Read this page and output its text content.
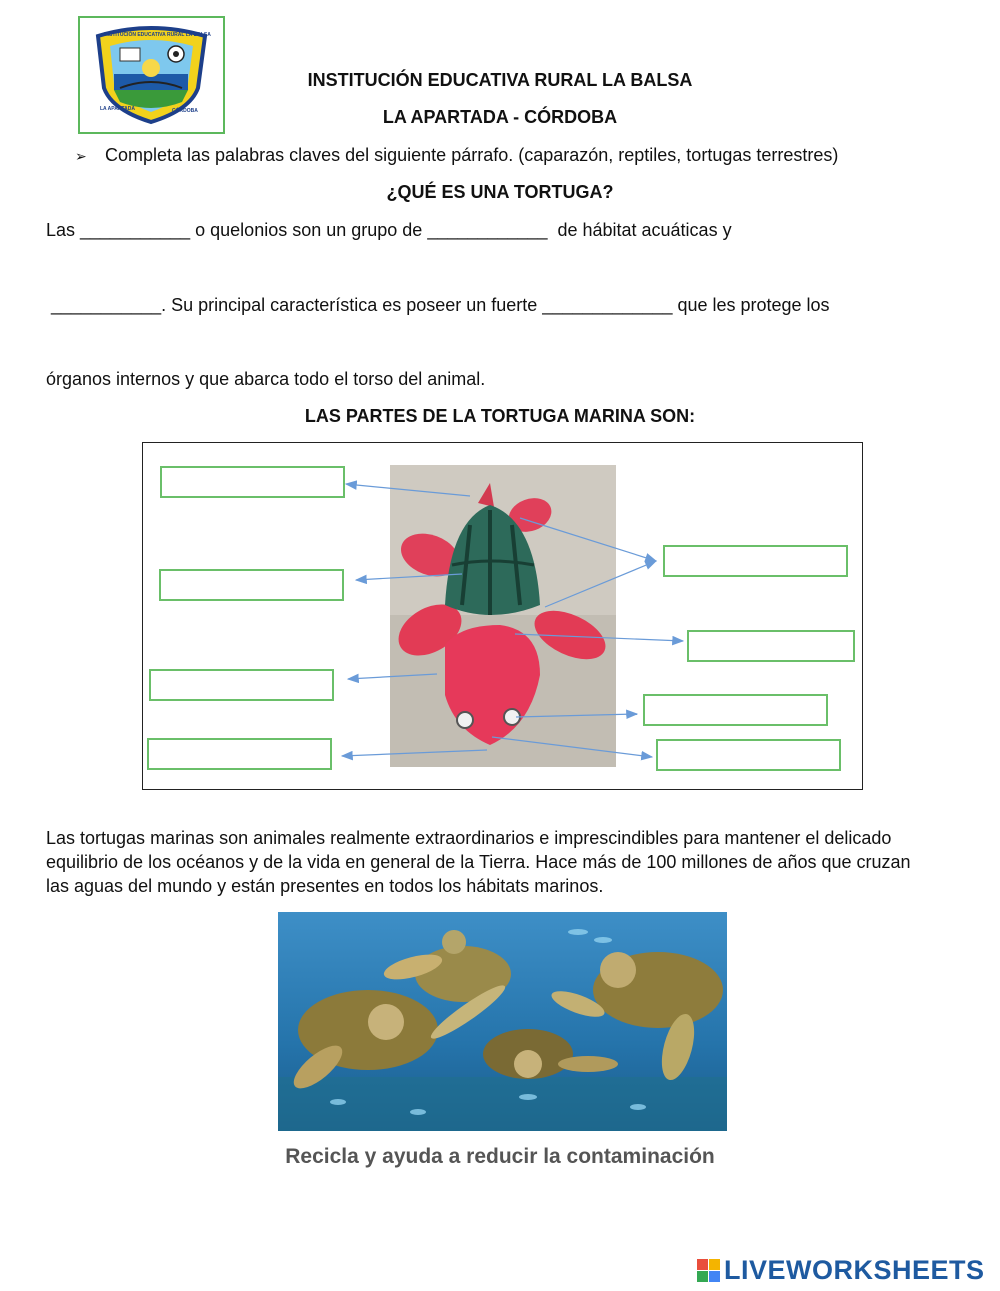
INSTITUCIÓN EDUCATIVA RURAL LA BALSA
LA APARTADA	CÓRDOBA
INSTITUCIÓN EDUCATIVA RURAL LA BALSA
LA APARTADA - CÓRDOBA
➢ Completa las palabras claves del siguiente párrafo. (caparazón, reptiles, tortugas terrestres)
¿QUÉ ES UNA TORTUGA?
Las ___________ o quelonios son un grupo de ____________  de hábitat acuáticas y
___________. Su principal característica es poseer un fuerte _____________ que les protege los
órganos internos y que abarca todo el torso del animal.
LAS PARTES DE LA TORTUGA MARINA SON:
Las tortugas marinas son animales realmente extraordinarios e imprescindibles para mantener el delicado equilibrio de los océanos y de la vida en general de la Tierra. Hace más de 100 millones de años que cruzan las aguas del mundo y están presentes en todos los hábitats marinos.
Recicla y ayuda a reducir la contaminación
LIVEWORKSHEETS
